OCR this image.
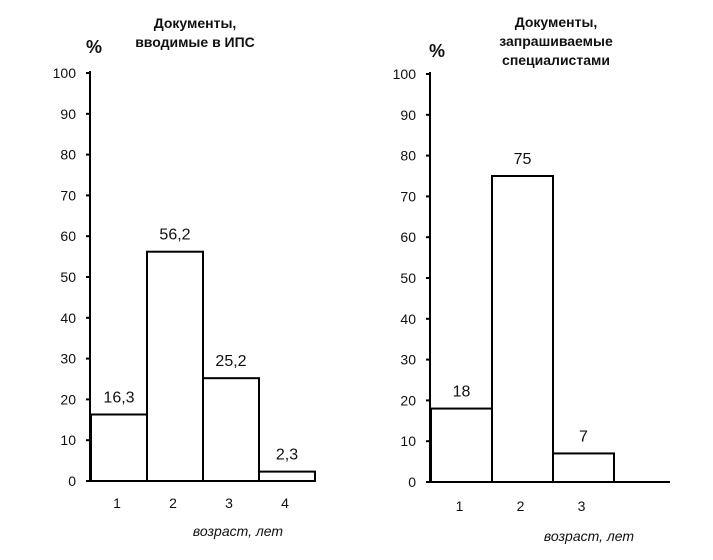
Документы,
вводимые в ИПС
%
16,3
1
56,2
2
25,2
3
2,3
4
0
10
20
30
40
50
60
70
80
90
100
возраст, лет
Документы,
запрашиваемые
специалистами
%
18
1
75
2
7
3
0
10
20
30
40
50
60
70
80
90
100
возраст, лет
